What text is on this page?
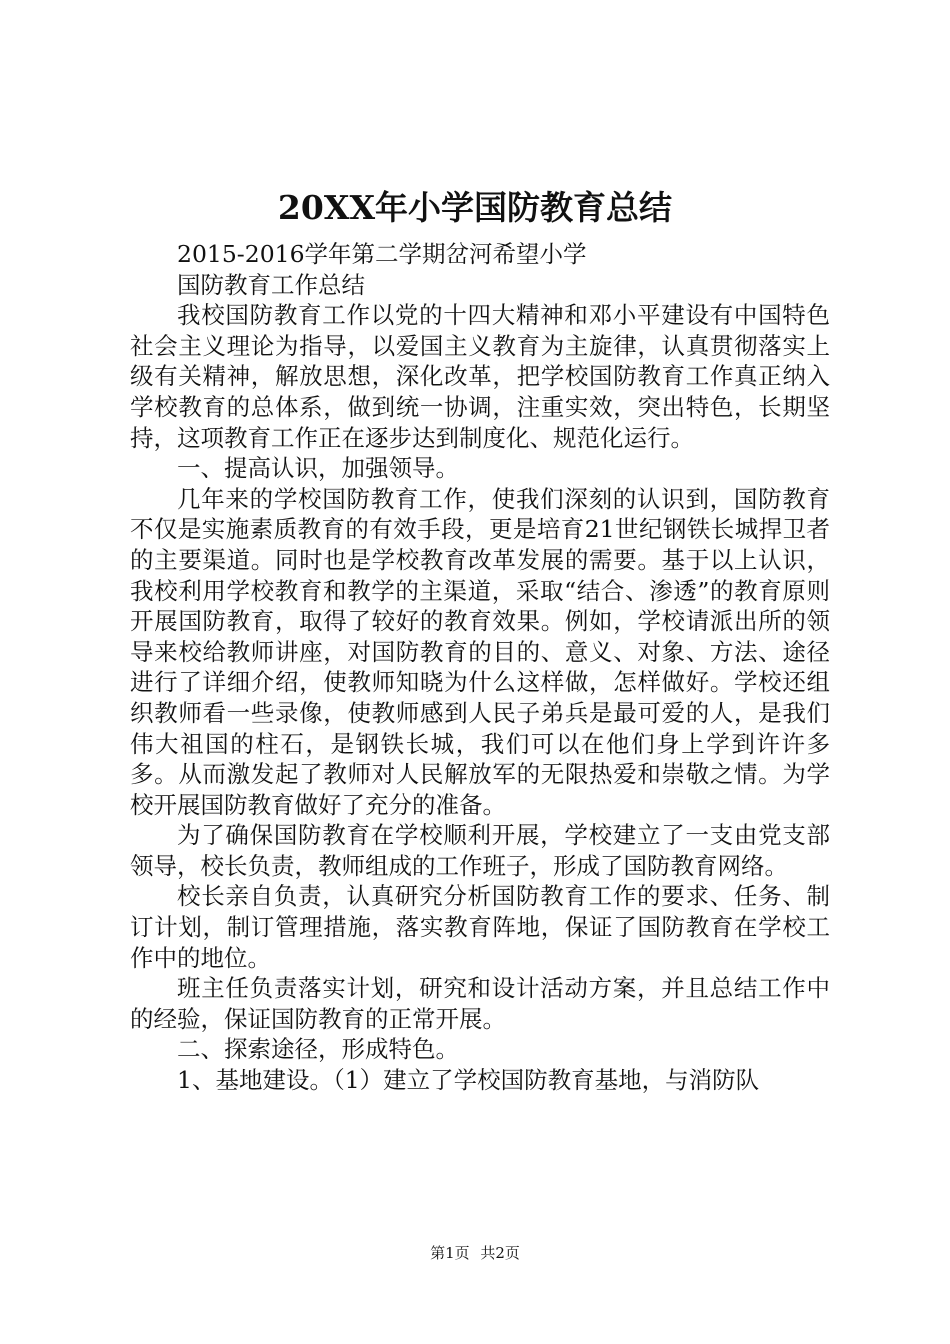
20XX年小学国防教育总结

2015-2016学年第二学期岔河希望小学

国防教育工作总结

我校国防教育工作以党的十四大精神和邓小平建设有中国特色社会主义理论为指导，以爱国主义教育为主旋律，认真贯彻落实上级有关精神，解放思想，深化改革，把学校国防教育工作真正纳入学校教育的总体系，做到统一协调，注重实效，突出特色，长期坚持，这项教育工作正在逐步达到制度化、规范化运行。

一、提高认识，加强领导。

几年来的学校国防教育工作，使我们深刻的认识到，国防教育不仅是实施素质教育的有效手段，更是培育21世纪钢铁长城捍卫者的主要渠道。同时也是学校教育改革发展的需要。基于以上认识，我校利用学校教育和教学的主渠道，采取“结合、渗透”的教育原则开展国防教育，取得了较好的教育效果。例如，学校请派出所的领导来校给教师讲座，对国防教育的目的、意义、对象、方法、途径进行了详细介绍，使教师知晓为什么这样做，怎样做好。学校还组织教师看一些录像，使教师感到人民子弟兵是最可爱的人，是我们伟大祖国的柱石，是钢铁长城，我们可以在他们身上学到许许多多。从而激发起了教师对人民解放军的无限热爱和崇敬之情。为学校开展国防教育做好了充分的准备。

为了确保国防教育在学校顺利开展，学校建立了一支由党支部领导，校长负责，教师组成的工作班子，形成了国防教育网络。

校长亲自负责，认真研究分析国防教育工作的要求、任务、制订计划，制订管理措施，落实教育阵地，保证了国防教育在学校工作中的地位。

班主任负责落实计划，研究和设计活动方案，并且总结工作中的经验，保证国防教育的正常开展。

二、探索途径，形成特色。

1、基地建设。（1）建立了学校国防教育基地，与消防队

第1页 共2页
